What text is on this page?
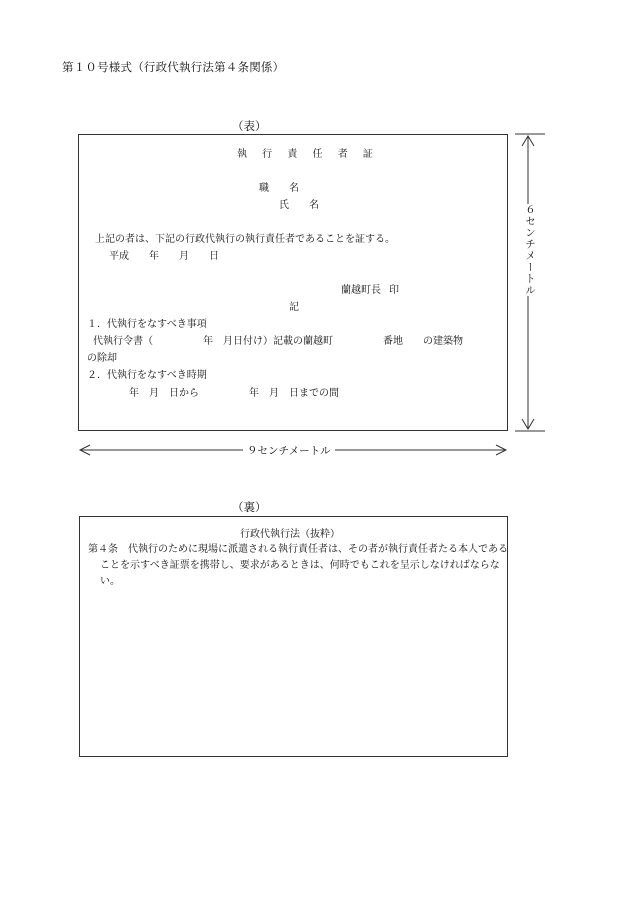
第１０号様式（行政代執行法第４条関係）
（表）
執 行 責 任 者 証
職　　名
氏　　名
上記の者は、下記の行政代執行の執行責任者であることを証する。
平成　　年　　月　　日
蘭越町長 印
記
１．代執行をなすべき事項
代執行令書（　　　　　年　月日付け）記載の蘭越町　　　　　番地　　の建築物
の除却
２．代執行をなすべき時期
年　月　日から　　　　　年　月　日までの間
６センチメートル
９センチメートル
（裏）
行政代執行法（抜粋）
第４条　代執行のために現場に派遣される執行責任者は、その者が執行責任者たる本人であることを示すべき証票を携帯し、要求があるときは、何時でもこれを呈示しなければならない。
